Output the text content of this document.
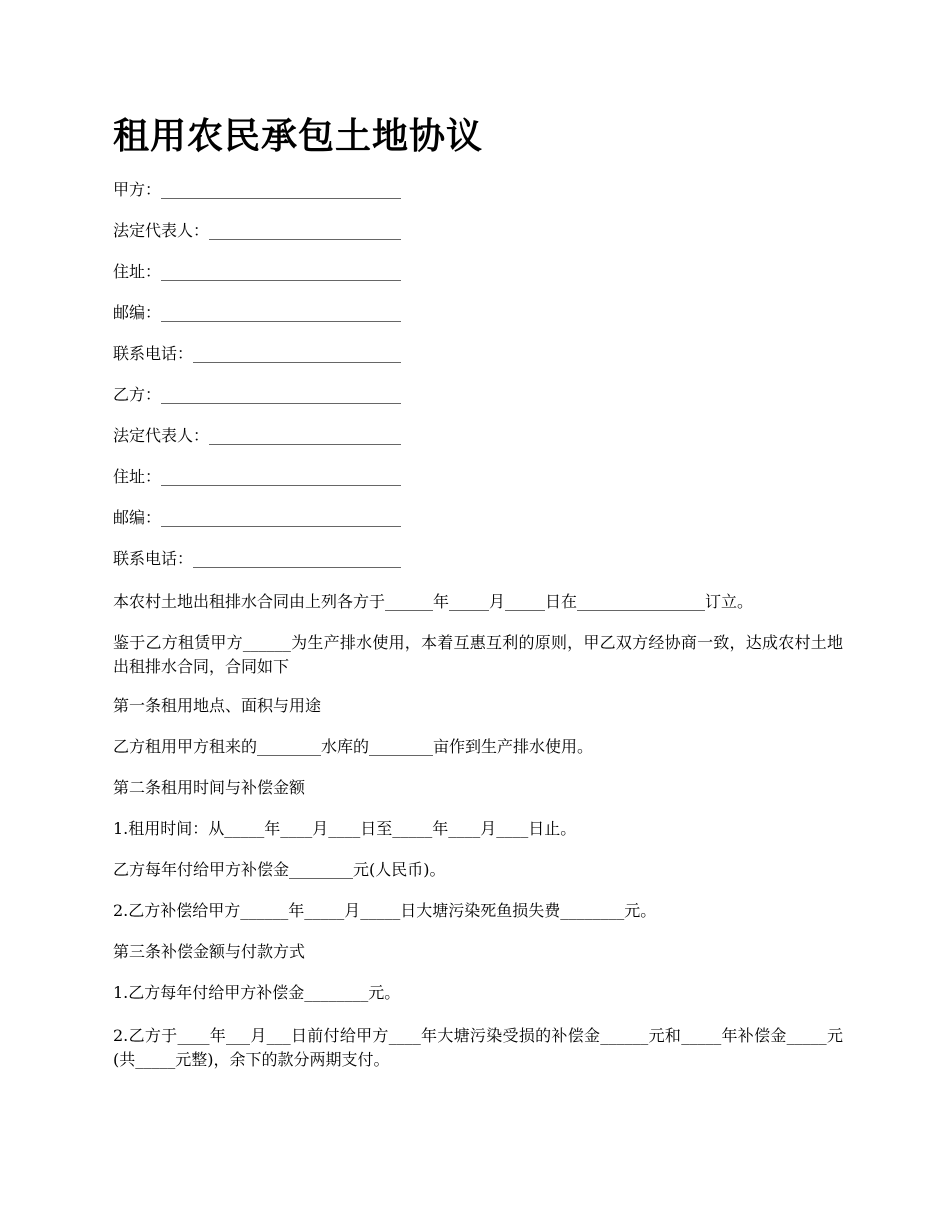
租用农民承包土地协议
甲方：______________________________
法定代表人：________________________
住址：______________________________
邮编：______________________________
联系电话：__________________________
乙方：______________________________
法定代表人：________________________
住址：______________________________
邮编：______________________________
联系电话：__________________________

本农村土地出租排水合同由上列各方于______年_____月_____日在________________订立。

鉴于乙方租赁甲方______为生产排水使用，本着互惠互利的原则，甲乙双方经协商一致，达成农村土地出租排水合同，合同如下

第一条租用地点、面积与用途

乙方租用甲方租来的________水库的________亩作到生产排水使用。

第二条租用时间与补偿金额

1.租用时间：从_____年____月____日至_____年____月____日止。

乙方每年付给甲方补偿金________元(人民币)。

2.乙方补偿给甲方______年_____月_____日大塘污染死鱼损失费________元。

第三条补偿金额与付款方式

1.乙方每年付给甲方补偿金________元。

2.乙方于____年___月___日前付给甲方____年大塘污染受损的补偿金______元和_____年补偿金_____元(共_____元整)，余下的款分两期支付。
